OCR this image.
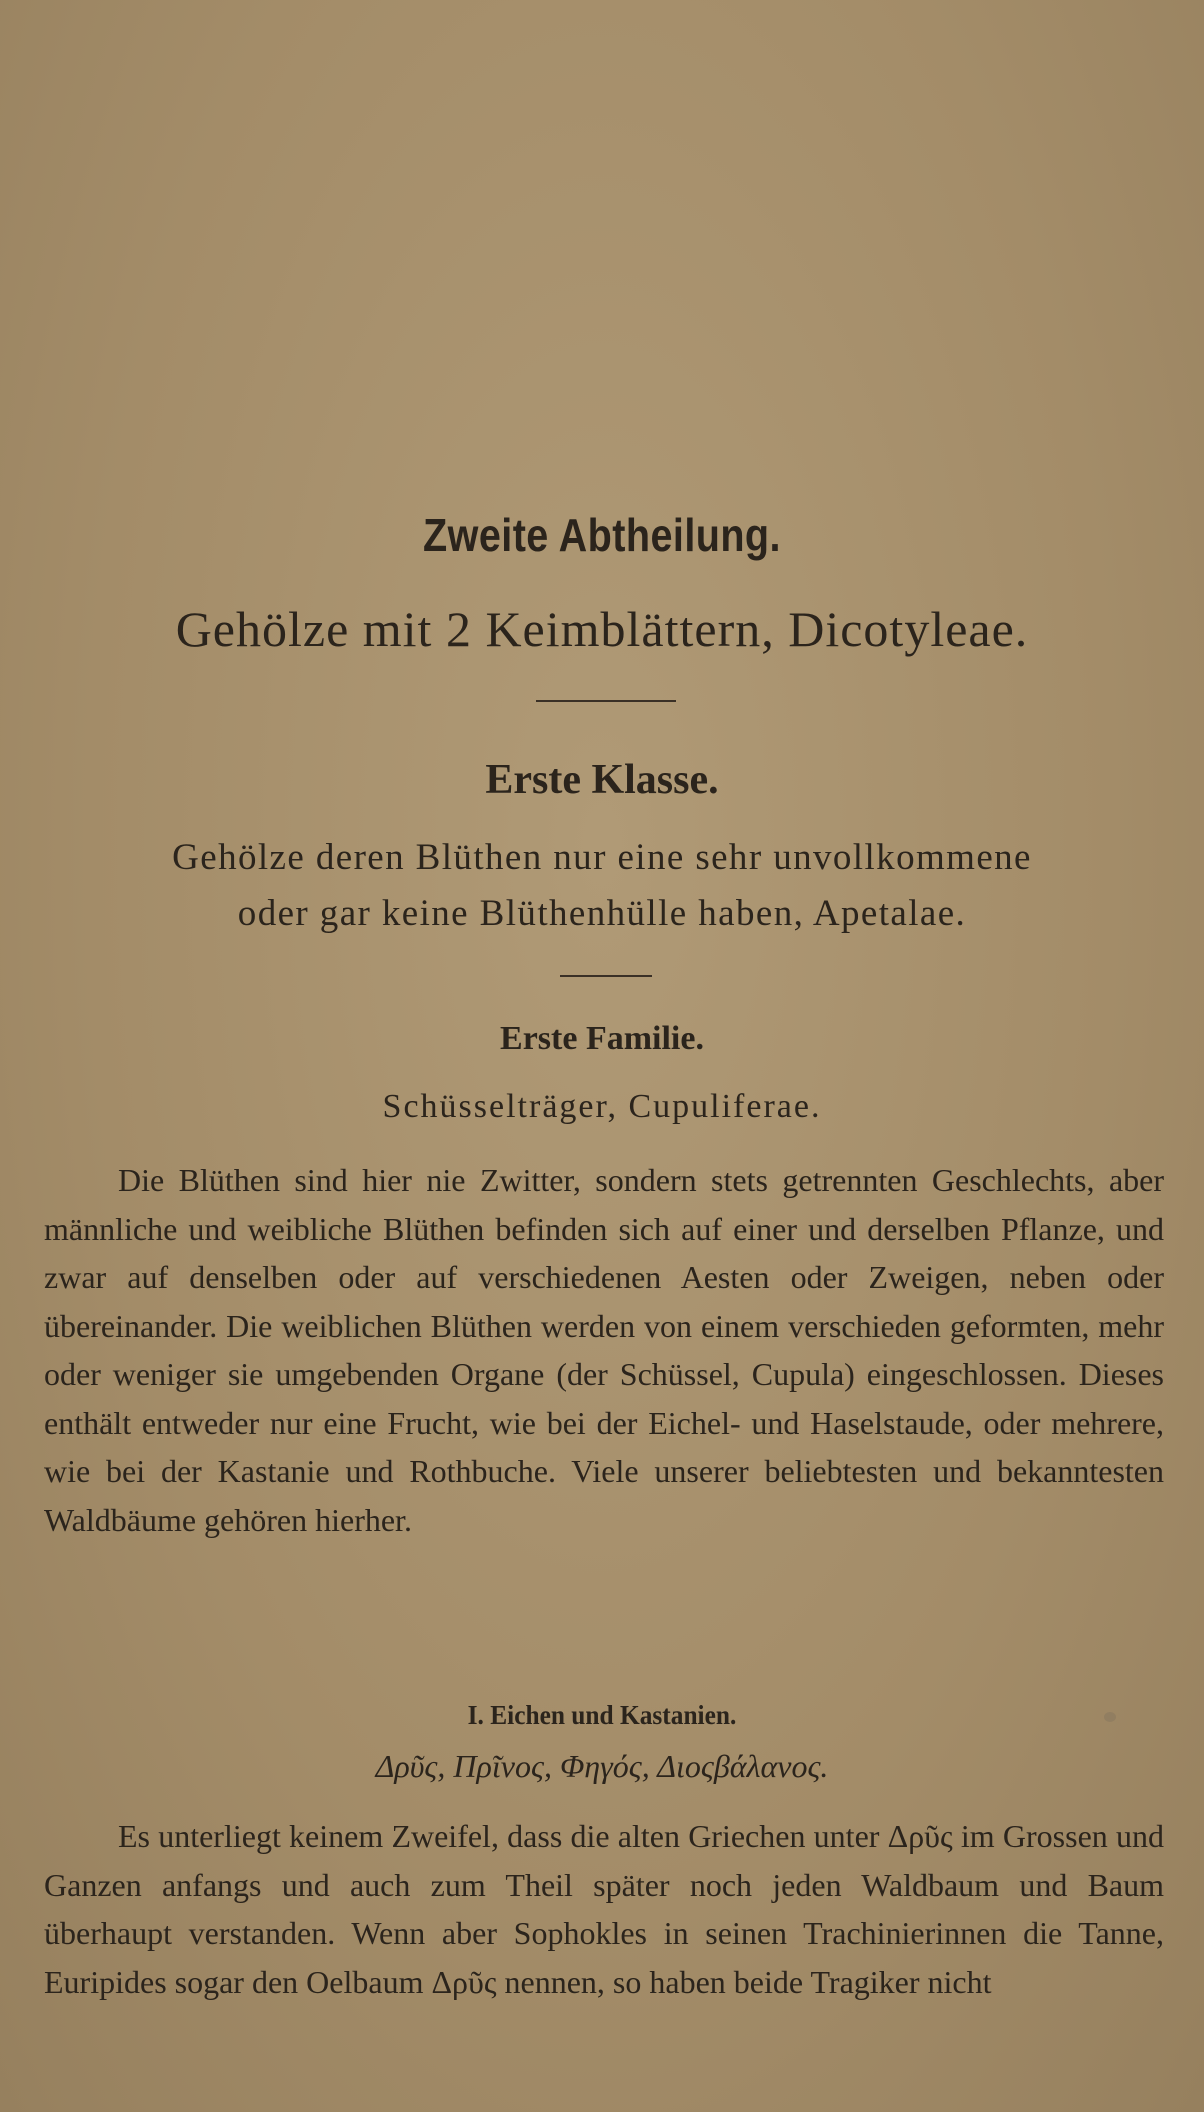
Zweite Abtheilung.
Gehölze mit 2 Keimblättern, Dicotyleae.
Erste Klasse.

Gehölze deren Blüthen nur eine sehr unvollkommene

oder gar keine Blüthenhülle haben, Apetalae.

Erste Familie.

Schüsselträger, Cupuliferae.

Die Blüthen sind hier nie Zwitter, sondern stets getrennten Geschlechts, aber männliche und weibliche Blüthen befinden sich auf einer und derselben Pflanze, und zwar auf denselben oder auf verschiedenen Aesten oder Zweigen, neben oder übereinander. Die weiblichen Blüthen werden von einem verschieden geformten, mehr oder weniger sie umgebenden Organe (der Schüssel, Cupula) eingeschlossen. Dieses enthält entweder nur eine Frucht, wie bei der Eichel- und Haselstaude, oder mehrere, wie bei der Kastanie und Rothbuche. Viele unserer beliebtesten und bekanntesten Waldbäume gehören hierher.

I. Eichen und Kastanien.

Δρῦς, Πρῖνος, Φηγός, Διοςβάλανος.

Es unterliegt keinem Zweifel, dass die alten Griechen unter Δρῦς im Grossen und Ganzen anfangs und auch zum Theil später noch jeden Waldbaum und Baum überhaupt verstanden. Wenn aber Sophokles in seinen Trachinierinnen die Tanne, Euripides sogar den Oelbaum Δρῦς nennen, so haben beide Tragiker nicht
